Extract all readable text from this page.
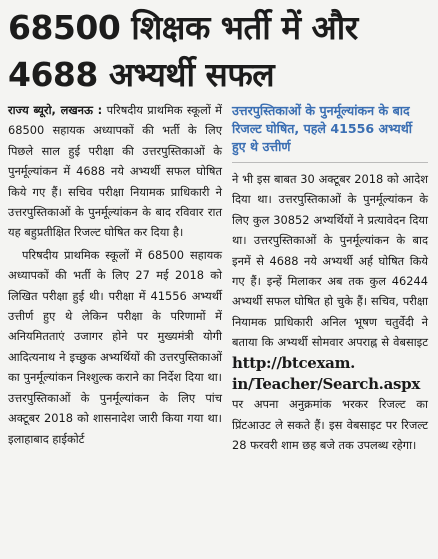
68500 शिक्षक भर्ती में और
4688 अभ्यर्थी सफल

राज्य ब्यूरो, लखनऊ : परिषदीय प्राथमिक स्कूलों में 68500 सहायक अध्यापकों की भर्ती के लिए पिछले साल हुई परीक्षा की उत्तरपुस्तिकाओं के पुनर्मूल्यांकन में 4688 नये अभ्यर्थी सफल घोषित किये गए हैं। सचिव परीक्षा नियामक प्राधिकारी ने उत्तरपुस्तिकाओं के पुनर्मूल्यांकन के बाद रविवार रात यह बहुप्रतीक्षित रिजल्ट घोषित कर दिया है।

परिषदीय प्राथमिक स्कूलों में 68500 सहायक अध्यापकों की भर्ती के लिए 27 मई 2018 को लिखित परीक्षा हुई थी। परीक्षा में 41556 अभ्यर्थी उत्तीर्ण हुए थे लेकिन परीक्षा के परिणामों में अनियमितताएं उजागर होने पर मुख्यमंत्री योगी आदित्यनाथ ने इच्छुक अभ्यर्थियों की उत्तरपुस्तिकाओं का पुनर्मूल्यांकन निश्शुल्क कराने का निर्देश दिया था। उत्तरपुस्तिकाओं के पुनर्मूल्यांकन के लिए पांच अक्टूबर 2018 को शासनादेश जारी किया गया था। इलाहाबाद हाईकोर्ट

उत्तरपुस्तिकाओं के पुनर्मूल्यांकन के बाद रिजल्ट घोषित, पहले 41556 अभ्यर्थी हुए थे उत्तीर्ण

ने भी इस बाबत 30 अक्टूबर 2018 को आदेश दिया था। उत्तरपुस्तिकाओं के पुनर्मूल्यांकन के लिए कुल 30852 अभ्यर्थियों ने प्रत्यावेदन दिया था। उत्तरपुस्तिकाओं के पुनर्मूल्यांकन के बाद इनमें से 4688 नये अभ्यर्थी अर्ह घोषित किये गए हैं। इन्हें मिलाकर अब तक कुल 46244 अभ्यर्थी सफल घोषित हो चुके हैं। सचिव, परीक्षा नियामक प्राधिकारी अनिल भूषण चतुर्वेदी ने बताया कि अभ्यर्थी सोमवार अपराह्न से वेबसाइट http://btcexam.
in/Teacher/Search.aspx
पर अपना अनुक्रमांक भरकर रिजल्ट का प्रिंटआउट ले सकते हैं। इस वेबसाइट पर रिजल्ट 28 फरवरी शाम छह बजे तक उपलब्ध रहेगा।
